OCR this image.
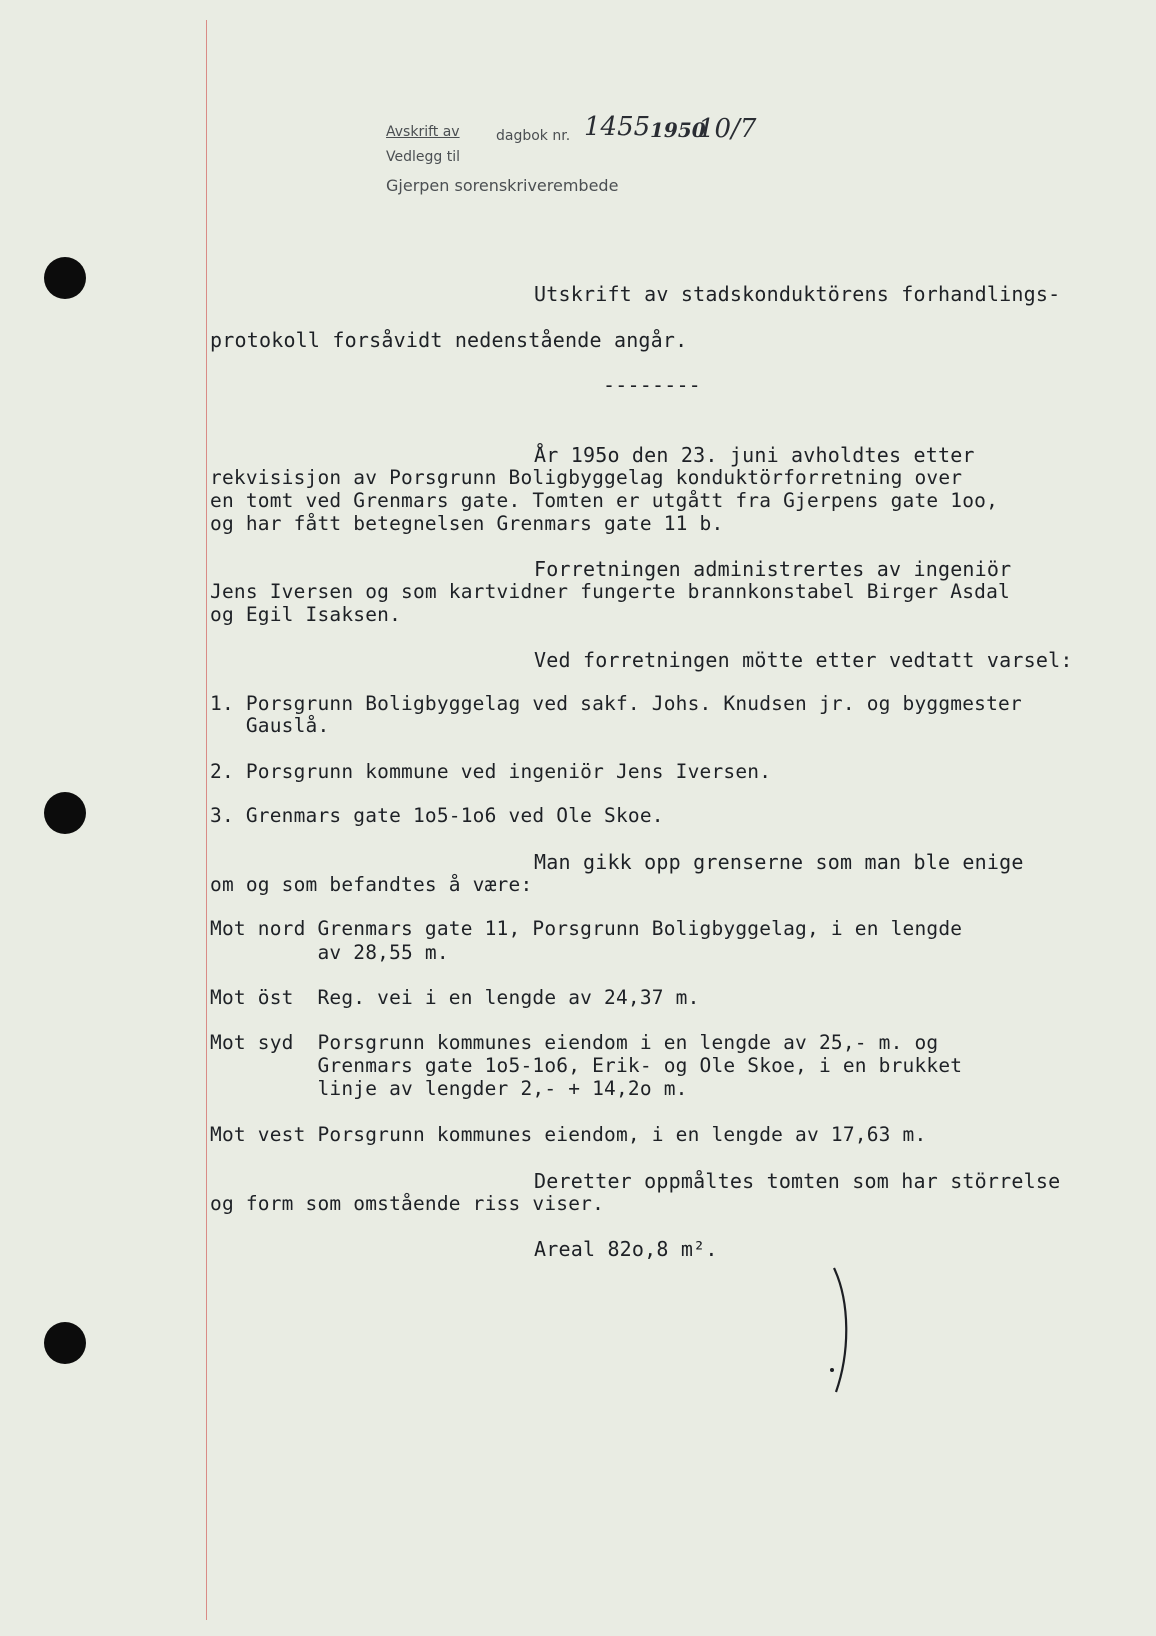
Avskrift av	dagbok nr.
Vedlegg til
Gjerpen sorenskriverembede
1455 1950
10/7
Utskrift av stadskonduktörens forhandlings-
protokoll forsåvidt nedenstående angår.
--------
År 195o den 23. juni avholdtes etter
rekvisisjon av Porsgrunn Boligbyggelag konduktörforretning over
en tomt ved Grenmars gate. Tomten er utgått fra Gjerpens gate 1oo,
og har fått betegnelsen Grenmars gate 11 b.
Forretningen administrertes av ingeniör
Jens Iversen og som kartvidner fungerte brannkonstabel Birger Asdal
og Egil Isaksen.
Ved forretningen mötte etter vedtatt varsel:
1. Porsgrunn Boligbyggelag ved sakf. Johs. Knudsen jr. og byggmester
Gauslå.
2. Porsgrunn kommune ved ingeniör Jens Iversen.
3. Grenmars gate 1o5-1o6 ved Ole Skoe.
Man gikk opp grenserne som man ble enige
om og som befandtes å være:
Mot nord Grenmars gate 11, Porsgrunn Boligbyggelag, i en lengde
av 28,55 m.
Mot öst  Reg. vei i en lengde av 24,37 m.
Mot syd  Porsgrunn kommunes eiendom i en lengde av 25,- m. og
Grenmars gate 1o5-1o6, Erik- og Ole Skoe, i en brukket
linje av lengder 2,- + 14,2o m.
Mot vest Porsgrunn kommunes eiendom, i en lengde av 17,63 m.
Deretter oppmåltes tomten som har störrelse
og form som omstående riss viser.
Areal 82o,8 m².
